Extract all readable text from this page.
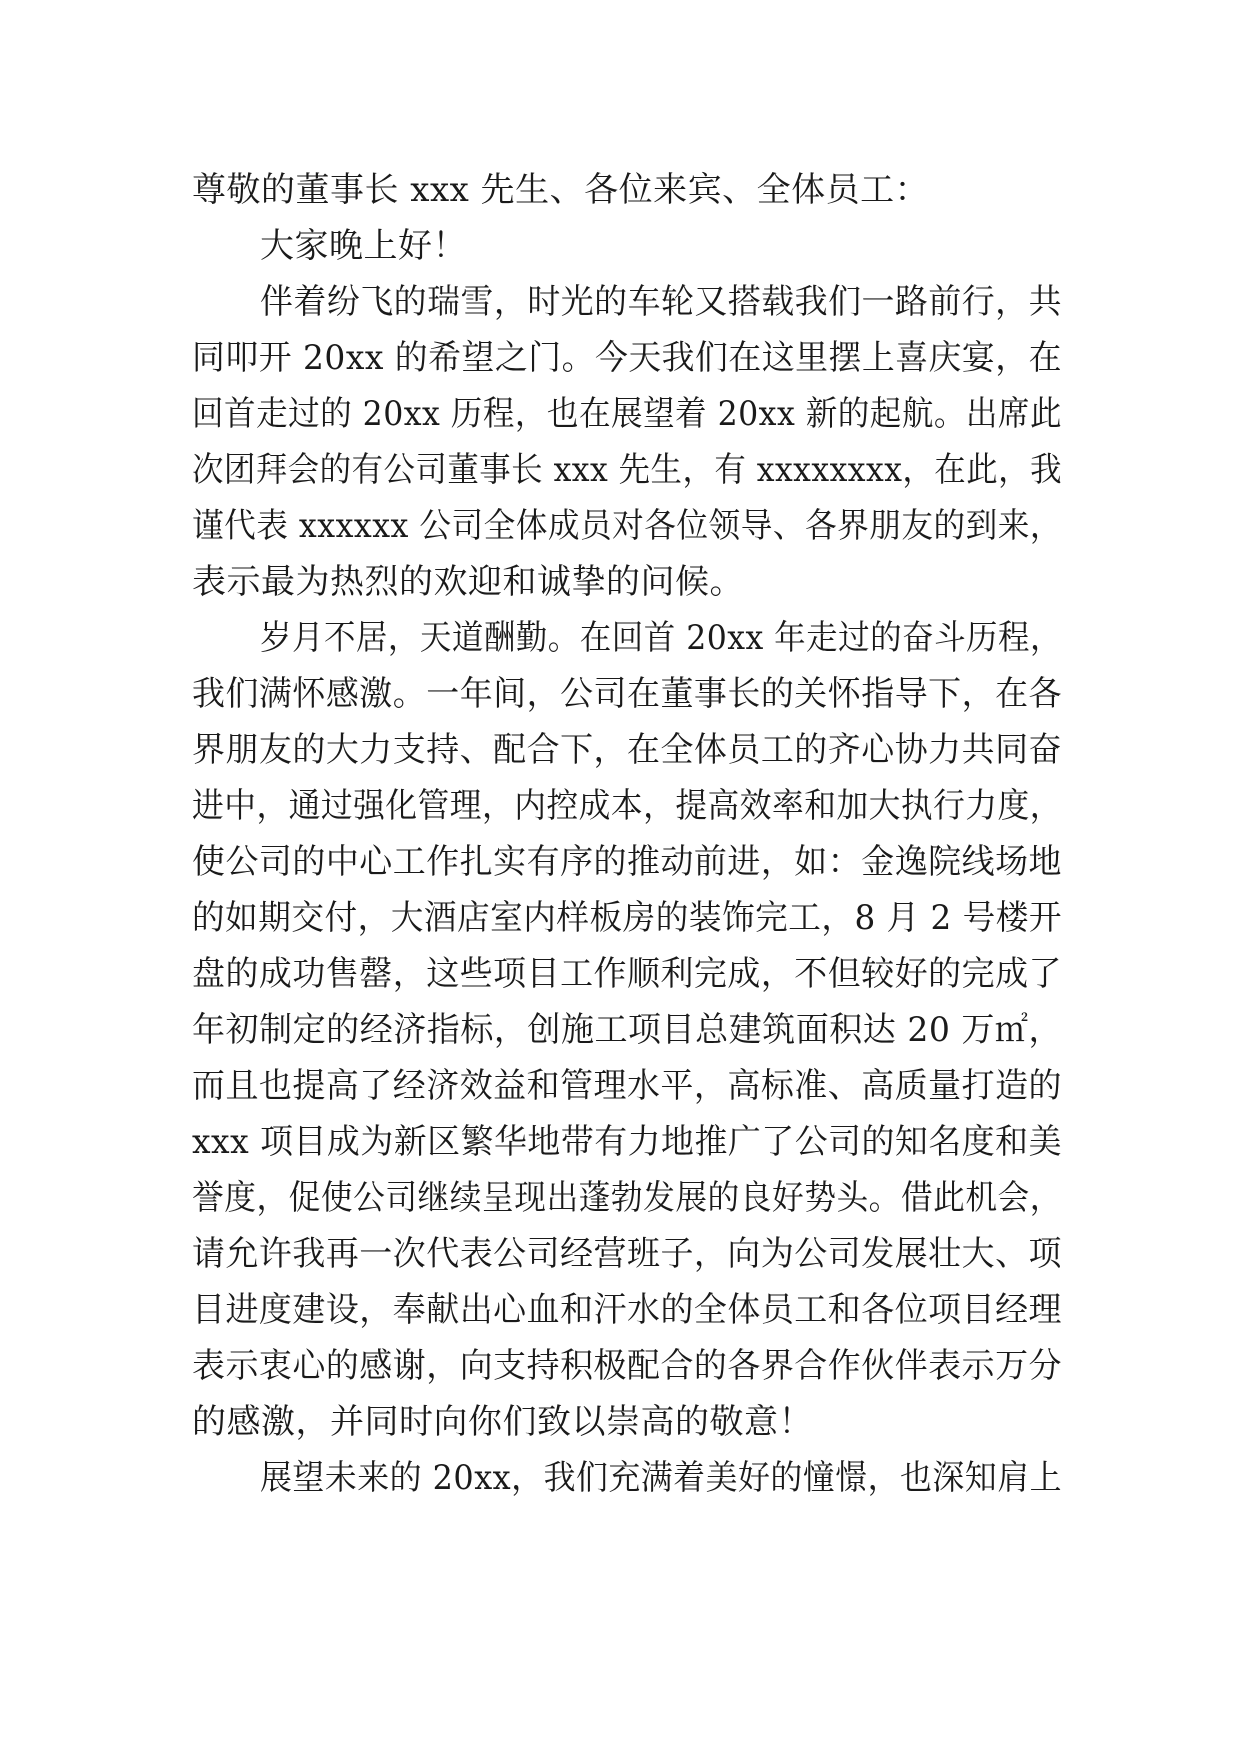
尊敬的董事长 xxx 先生、各位来宾、全体员工：
大家晚上好！
伴着纷飞的瑞雪，时光的车轮又搭载我们一路前行，共
同叩开 20xx 的希望之门。今天我们在这里摆上喜庆宴，在
回首走过的 20xx 历程，也在展望着 20xx 新的起航。出席此
次团拜会的有公司董事长 xxx 先生，有 xxxxxxxx，在此，我
谨代表 xxxxxx 公司全体成员对各位领导、各界朋友的到来，
表示最为热烈的欢迎和诚挚的问候。
岁月不居，天道酬勤。在回首 20xx 年走过的奋斗历程，
我们满怀感激。一年间，公司在董事长的关怀指导下，在各
界朋友的大力支持、配合下，在全体员工的齐心协力共同奋
进中，通过强化管理，内控成本，提高效率和加大执行力度，
使公司的中心工作扎实有序的推动前进，如：金逸院线场地
的如期交付，大酒店室内样板房的装饰完工，8 月 2 号楼开
盘的成功售罄，这些项目工作顺利完成，不但较好的完成了
年初制定的经济指标，创施工项目总建筑面积达 20 万㎡，
而且也提高了经济效益和管理水平，高标准、高质量打造的
xxx 项目成为新区繁华地带有力地推广了公司的知名度和美
誉度，促使公司继续呈现出蓬勃发展的良好势头。借此机会，
请允许我再一次代表公司经营班子，向为公司发展壮大、项
目进度建设，奉献出心血和汗水的全体员工和各位项目经理
表示衷心的感谢，向支持积极配合的各界合作伙伴表示万分
的感激，并同时向你们致以崇高的敬意！
展望未来的 20xx，我们充满着美好的憧憬，也深知肩上
